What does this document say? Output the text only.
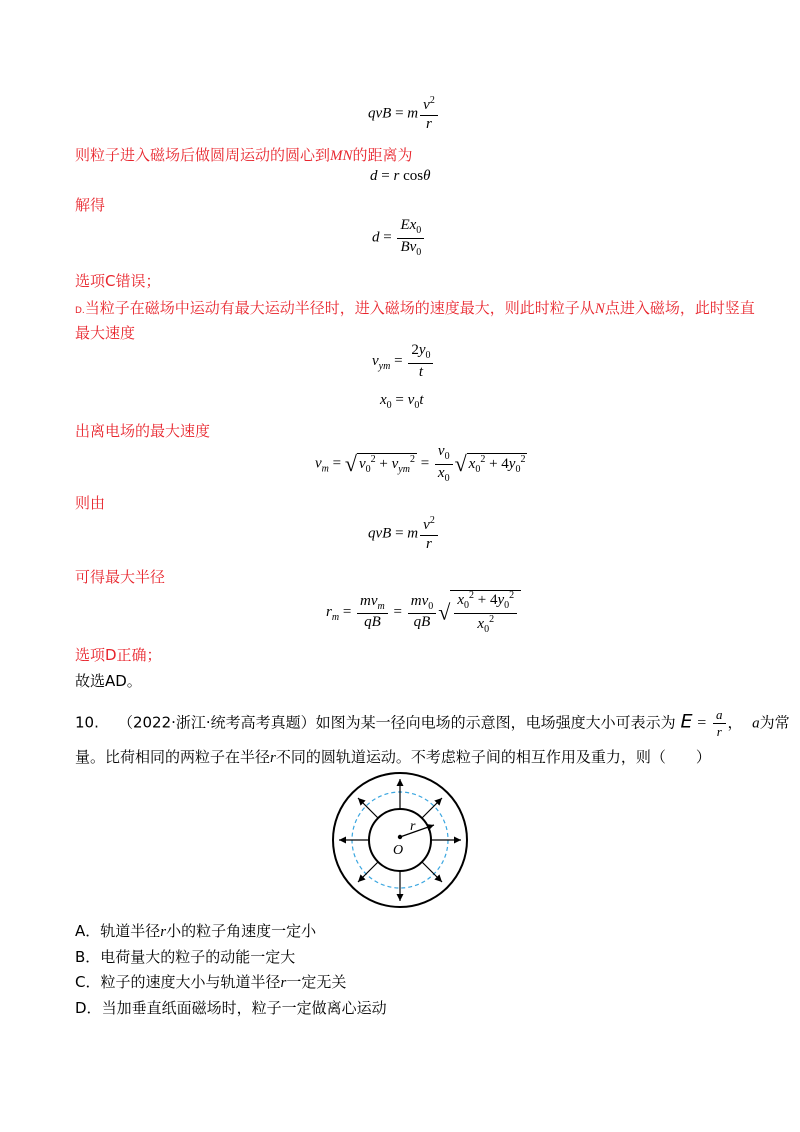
qvB = m $\frac{v^2}{r}$
则粒子进入磁场后做圆周运动的圆心到MN的距离为
d = r cosθ
解得
$d = \frac{Ex_0}{Bv_0}$
选项C错误；
D.当粒子在磁场中运动有最大运动半径时，进入磁场的速度最大，则此时粒子从N点进入磁场，此时竖直
最大速度
$v_{ym} = \frac{2y_0}{t}$
$x_0 = v_0t$
出离电场的最大速度
$v_m$ = √ $v_0^2 + v_{ym}^2 = \frac{v_0}{x_0}$ √ $x_0^2 + 4y_0^2$
则由
qvB = m $\frac{v^2}{r}$
可得最大半径
$r_m = \frac{mv_m}{qB} = \frac{mv_0}{qB}$ √ $\frac{x_0^2 + 4y_0^2}{x_0^2}$
选项D正确；
故选AD。
10. （2022·浙江·统考高考真题）如图为某一径向电场的示意图，电场强度大小可表示为 $E = \frac{a}{r}$ ， a为常
量。比荷相同的两粒子在半径r不同的圆轨道运动。不考虑粒子间的相互作用及重力，则（　　）
r
O
A．轨道半径r小的粒子角速度一定小
B．电荷量大的粒子的动能一定大
C．粒子的速度大小与轨道半径r一定无关
D．当加垂直纸面磁场时，粒子一定做离心运动
